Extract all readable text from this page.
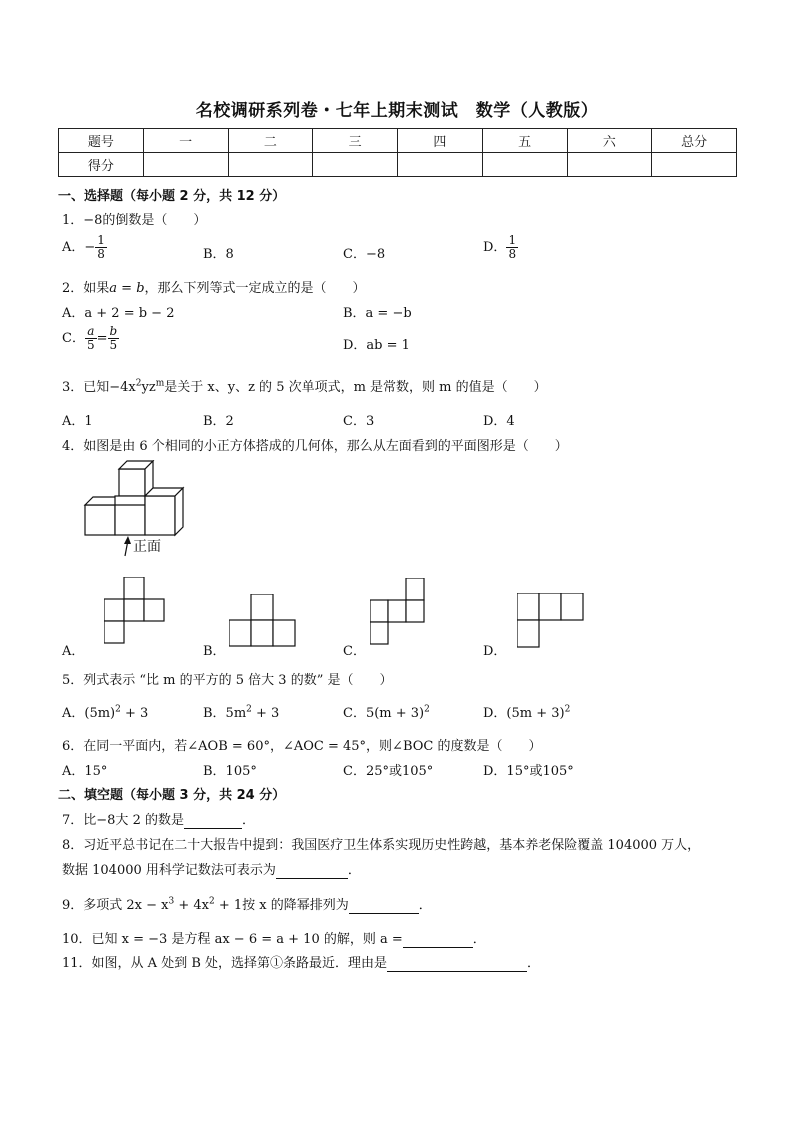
名校调研系列卷・七年上期末测试　数学（人教版）
题号	一	二	三	四	五	六	总分
得分							
一、选择题（每小题 2 分，共 12 分）
1．−8的倒数是（　　）
A．− $\frac{1}{8}$	B．8	C．−8	D． $\frac{1}{8}$
2．如果a = b，那么下列等式一定成立的是（　　）
A．a + 2 = b − 2	B．a = −b
C． $\frac{a}{5} = \frac{b}{5}$	D．ab = 1
3．已知$-4x^2yz^m$是关于 x、y、z 的 5 次单项式，m 是常数，则 m 的值是（　　）
A．1	B．2	C．3	D．4
4．如图是由 6 个相同的小正方体搭成的几何体，那么从左面看到的平面图形是（　　）
正面
A．	B．	C．	D．
5．列式表示 “比 m 的平方的 5 倍大 3 的数” 是（　　）
A．$(5m)^2 + 3$	B．$5m^2 + 3$	C．$5(m + 3)^2$	D．$(5m + 3)^2$
6．在同一平面内，若∠AOB = 60°，∠AOC = 45°，则∠BOC 的度数是（　　）
A．15°	B．105°	C．25°或105°	D．15°或105°
二、填空题（每小题 3 分，共 24 分）
7．比−8大 2 的数是	．
8．习近平总书记在二十大报告中提到：我国医疗卫生体系实现历史性跨越，基本养老保险覆盖 104000 万人，
数据 104000 用科学记数法可表示为	．
9．多项式 $2x - x^3 + 4x^2 + 1$按 x 的降幂排列为	．
10．已知 x = −3 是方程 ax − 6 = a + 10 的解，则 a =	．
11．如图，从 A 处到 B 处，选择第①条路最近．理由是	．
